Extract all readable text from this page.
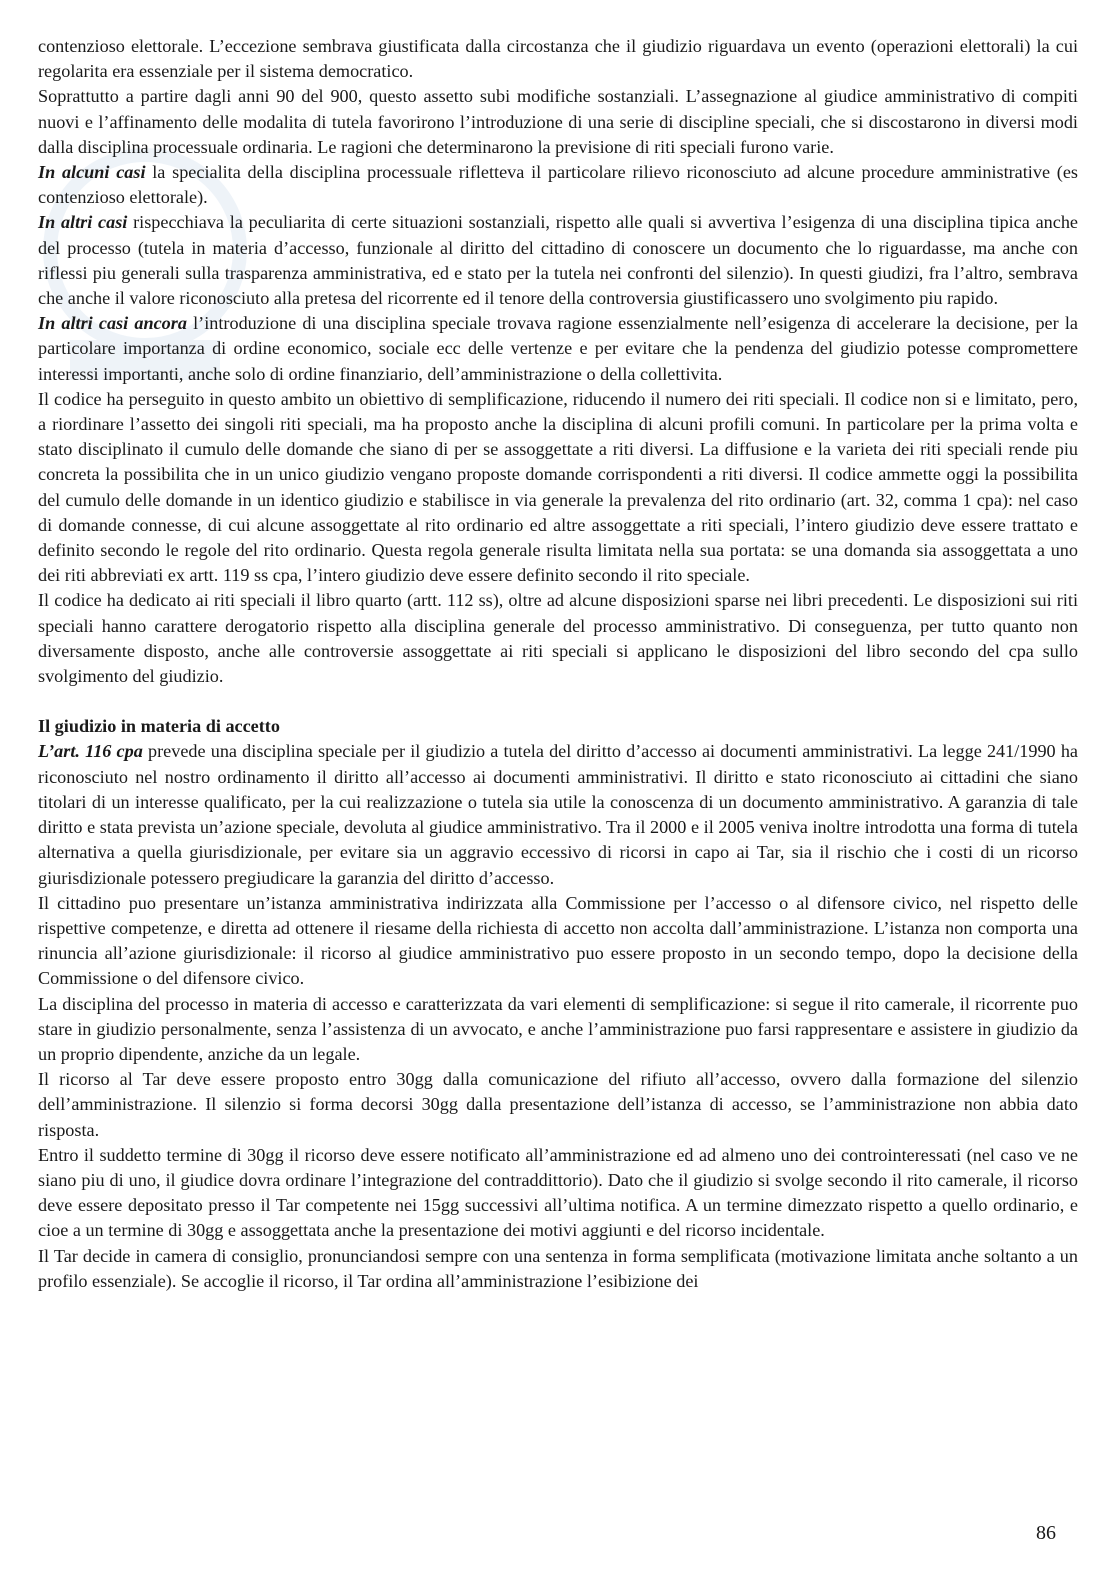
contenzioso elettorale. L’eccezione sembrava giustificata dalla circostanza che il giudizio riguardava un evento (operazioni elettorali) la cui regolarita era essenziale per il sistema democratico.

Soprattutto a partire dagli anni 90 del 900, questo assetto subi modifiche sostanziali. L’assegnazione al giudice amministrativo di compiti nuovi e l’affinamento delle modalita di tutela favorirono l’introduzione di una serie di discipline speciali, che si discostarono in diversi modi dalla disciplina processuale ordinaria. Le ragioni che determinarono la previsione di riti speciali furono varie.

In alcuni casi la specialita della disciplina processuale rifletteva il particolare rilievo riconosciuto ad alcune procedure amministrative (es contenzioso elettorale).

In altri casi rispecchiava la peculiarita di certe situazioni sostanziali, rispetto alle quali si avvertiva l’esigenza di una disciplina tipica anche del processo (tutela in materia d’accesso, funzionale al diritto del cittadino di conoscere un documento che lo riguardasse, ma anche con riflessi piu generali sulla trasparenza amministrativa, ed e stato per la tutela nei confronti del silenzio). In questi giudizi, fra l’altro, sembrava che anche il valore riconosciuto alla pretesa del ricorrente ed il tenore della controversia giustificassero uno svolgimento piu rapido.

In altri casi ancora l’introduzione di una disciplina speciale trovava ragione essenzialmente nell’esigenza di accelerare la decisione, per la particolare importanza di ordine economico, sociale ecc delle vertenze e per evitare che la pendenza del giudizio potesse compromettere interessi importanti, anche solo di ordine finanziario, dell’amministrazione o della collettivita.

Il codice ha perseguito in questo ambito un obiettivo di semplificazione, riducendo il numero dei riti speciali. Il codice non si e limitato, pero, a riordinare l’assetto dei singoli riti speciali, ma ha proposto anche la disciplina di alcuni profili comuni. In particolare per la prima volta e stato disciplinato il cumulo delle domande che siano di per se assoggettate a riti diversi. La diffusione e la varieta dei riti speciali rende piu concreta la possibilita che in un unico giudizio vengano proposte domande corrispondenti a riti diversi. Il codice ammette oggi la possibilita del cumulo delle domande in un identico giudizio e stabilisce in via generale la prevalenza del rito ordinario (art. 32, comma 1 cpa): nel caso di domande connesse, di cui alcune assoggettate al rito ordinario ed altre assoggettate a riti speciali, l’intero giudizio deve essere trattato e definito secondo le regole del rito ordinario. Questa regola generale risulta limitata nella sua portata: se una domanda sia assoggettata a uno dei riti abbreviati ex artt. 119 ss cpa, l’intero giudizio deve essere definito secondo il rito speciale.

Il codice ha dedicato ai riti speciali il libro quarto (artt. 112 ss), oltre ad alcune disposizioni sparse nei libri precedenti. Le disposizioni sui riti speciali hanno carattere derogatorio rispetto alla disciplina generale del processo amministrativo. Di conseguenza, per tutto quanto non diversamente disposto, anche alle controversie assoggettate ai riti speciali si applicano le disposizioni del libro secondo del cpa sullo svolgimento del giudizio.

Il giudizio in materia di accetto

L’art. 116 cpa prevede una disciplina speciale per il giudizio a tutela del diritto d’accesso ai documenti amministrativi. La legge 241/1990 ha riconosciuto nel nostro ordinamento il diritto all’accesso ai documenti amministrativi. Il diritto e stato riconosciuto ai cittadini che siano titolari di un interesse qualificato, per la cui realizzazione o tutela sia utile la conoscenza di un documento amministrativo. A garanzia di tale diritto e stata prevista un’azione speciale, devoluta al giudice amministrativo. Tra il 2000 e il 2005 veniva inoltre introdotta una forma di tutela alternativa a quella giurisdizionale, per evitare sia un aggravio eccessivo di ricorsi in capo ai Tar, sia il rischio che i costi di un ricorso giurisdizionale potessero pregiudicare la garanzia del diritto d’accesso.

Il cittadino puo presentare un’istanza amministrativa indirizzata alla Commissione per l’accesso o al difensore civico, nel rispetto delle rispettive competenze, e diretta ad ottenere il riesame della richiesta di accetto non accolta dall’amministrazione. L’istanza non comporta una rinuncia all’azione giurisdizionale: il ricorso al giudice amministrativo puo essere proposto in un secondo tempo, dopo la decisione della Commissione o del difensore civico.

La disciplina del processo in materia di accesso e caratterizzata da vari elementi di semplificazione: si segue il rito camerale, il ricorrente puo stare in giudizio personalmente, senza l’assistenza di un avvocato, e anche l’amministrazione puo farsi rappresentare e assistere in giudizio da un proprio dipendente, anziche da un legale.

Il ricorso al Tar deve essere proposto entro 30gg dalla comunicazione del rifiuto all’accesso, ovvero dalla formazione del silenzio dell’amministrazione. Il silenzio si forma decorsi 30gg dalla presentazione dell’istanza di accesso, se l’amministrazione non abbia dato risposta.

Entro il suddetto termine di 30gg il ricorso deve essere notificato all’amministrazione ed ad almeno uno dei controinteressati (nel caso ve ne siano piu di uno, il giudice dovra ordinare l’integrazione del contraddittorio). Dato che il giudizio si svolge secondo il rito camerale, il ricorso deve essere depositato presso il Tar competente nei 15gg successivi all’ultima notifica. A un termine dimezzato rispetto a quello ordinario, e cioe a un termine di 30gg e assoggettata anche la presentazione dei motivi aggiunti e del ricorso incidentale.

Il Tar decide in camera di consiglio, pronunciandosi sempre con una sentenza in forma semplificata (motivazione limitata anche soltanto a un profilo essenziale). Se accoglie il ricorso, il Tar ordina all’amministrazione l’esibizione dei

86
